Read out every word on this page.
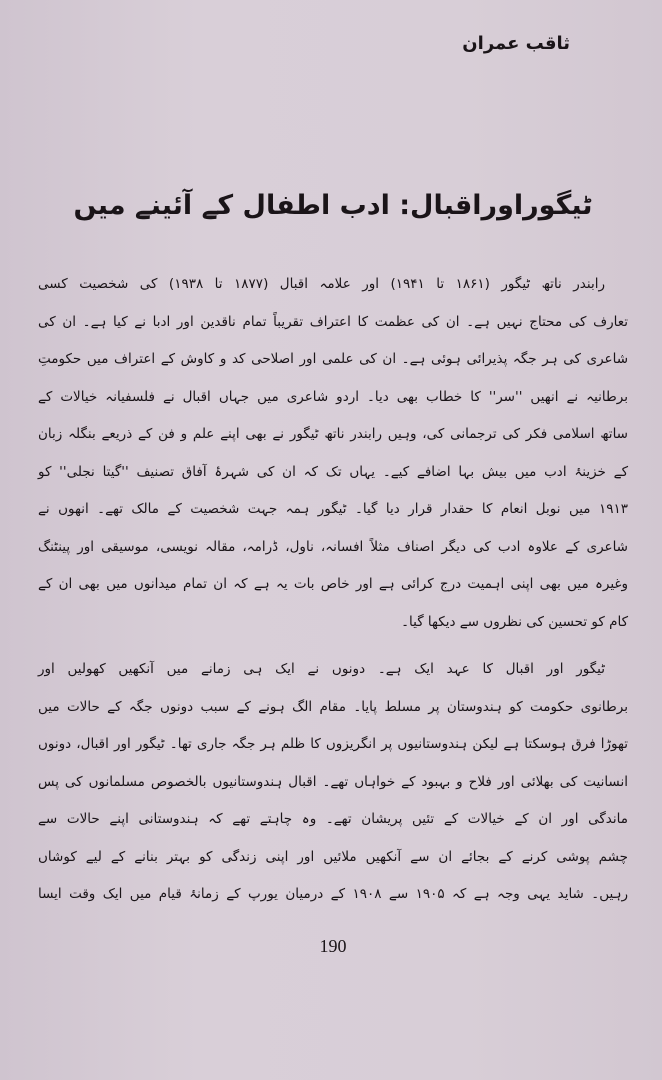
ثاقب عمران
ٹیگوراوراقبال: ادب اطفال کے آئینے میں
رابندر ناتھ ٹیگور (۱۸۶۱ تا ۱۹۴۱) اور علامہ اقبال (۱۸۷۷ تا ۱۹۳۸) کی شخصیت کسی
تعارف کی محتاج نہیں ہے۔ ان کی عظمت کا اعتراف تقریباً تمام ناقدین اور ادبا نے کیا ہے۔ ان کی
شاعری کی ہر جگہ پذیرائی ہوئی ہے۔ ان کی علمی اور اصلاحی کد و کاوش کے اعتراف میں حکومتِ
برطانیہ نے انھیں ''سر'' کا خطاب بھی دیا۔ اردو شاعری میں جہاں اقبال نے فلسفیانہ خیالات کے
ساتھ اسلامی فکر کی ترجمانی کی، وہیں رابندر ناتھ ٹیگور نے بھی اپنے علم و فن کے ذریعے بنگلہ زبان
کے خزینۂ ادب میں بیش بہا اضافے کیے۔ یہاں تک کہ ان کی شہرۂ آفاق تصنیف ''گیتا نجلی'' کو
۱۹۱۳ میں نوبل انعام کا حقدار قرار دیا گیا۔ ٹیگور ہمہ جہت شخصیت کے مالک تھے۔ انھوں نے
شاعری کے علاوہ ادب کی دیگر اصناف مثلاً افسانہ، ناول، ڈرامہ، مقالہ نویسی، موسیقی اور پینٹنگ
وغیرہ میں بھی اپنی اہمیت درج کرائی ہے اور خاص بات یہ ہے کہ ان تمام میدانوں میں بھی ان کے
کام کو تحسین کی نظروں سے دیکھا گیا۔
ٹیگور اور اقبال کا عہد ایک ہے۔ دونوں نے ایک ہی زمانے میں آنکھیں کھولیں اور
برطانوی حکومت کو ہندوستان پر مسلط پایا۔ مقام الگ ہونے کے سبب دونوں جگہ کے حالات میں
تھوڑا فرق ہوسکتا ہے لیکن ہندوستانیوں پر انگریزوں کا ظلم ہر جگہ جاری تھا۔ ٹیگور اور اقبال، دونوں
انسانیت کی بھلائی اور فلاح و بہبود کے خواہاں تھے۔ اقبال ہندوستانیوں بالخصوص مسلمانوں کی پس
ماندگی اور ان کے خیالات کے تئیں پریشان تھے۔ وہ چاہتے تھے کہ ہندوستانی اپنے حالات سے
چشم پوشی کرنے کے بجائے ان سے آنکھیں ملائیں اور اپنی زندگی کو بہتر بنانے کے لیے کوشاں
رہیں۔ شاید یہی وجہ ہے کہ ۱۹۰۵ سے ۱۹۰۸ کے درمیان یورپ کے زمانۂ قیام میں ایک وقت ایسا
190
